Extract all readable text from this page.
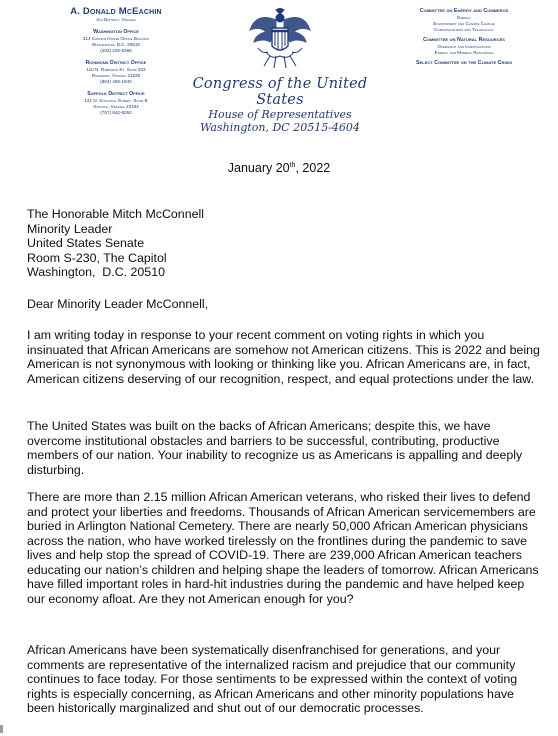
A. Donald McEachin
4th District, Virginia
Washington Office
314 Cannon House Office Building
Washington, D.C. 20515
(202) 225-6365
Richmond District Office
110 N. Robinson St. Suite 403
Richmond, Virginia 23220
(804) 486-1840
Suffolk District Office
131 N. Saratoga Street, Suite B
Suffolk, Virginia 23434
(757) 942-6050
Congress of the United States
House of Representatives
Washington, DC 20515-4604
Committee on Energy and Commerce
Energy
Environment and Climate Change
Communications and Technology
Committee on Natural Resources
Oversight and Investigations
Energy and Mineral Resources
Select Committee on the Climate Crisis
January 20th, 2022
The Honorable Mitch McConnell
Minority Leader
United States Senate
Room S-230, The Capitol
Washington,  D.C. 20510
Dear Minority Leader McConnell,

I am writing today in response to your recent comment on voting rights in which you insinuated that African Americans are somehow not American citizens. This is 2022 and being American is not synonymous with looking or thinking like you. African Americans are, in fact, American citizens deserving of our recognition, respect, and equal protections under the law.

The United States was built on the backs of African Americans; despite this, we have overcome institutional obstacles and barriers to be successful, contributing, productive members of our nation. Your inability to recognize us as Americans is appalling and deeply disturbing.

There are more than 2.15 million African American veterans, who risked their lives to defend and protect your liberties and freedoms. Thousands of African American servicemembers are buried in Arlington National Cemetery. There are nearly 50,000 African American physicians across the nation, who have worked tirelessly on the frontlines during the pandemic to save lives and help stop the spread of COVID-19. There are 239,000 African American teachers educating our nation’s children and helping shape the leaders of tomorrow. African Americans have filled important roles in hard-hit industries during the pandemic and have helped keep our economy afloat. Are they not American enough for you?

African Americans have been systematically disenfranchised for generations, and your comments are representative of the internalized racism and prejudice that our community continues to face today. For those sentiments to be expressed within the context of voting rights is especially concerning, as African Americans and other minority populations have been historically marginalized and shut out of our democratic processes.
